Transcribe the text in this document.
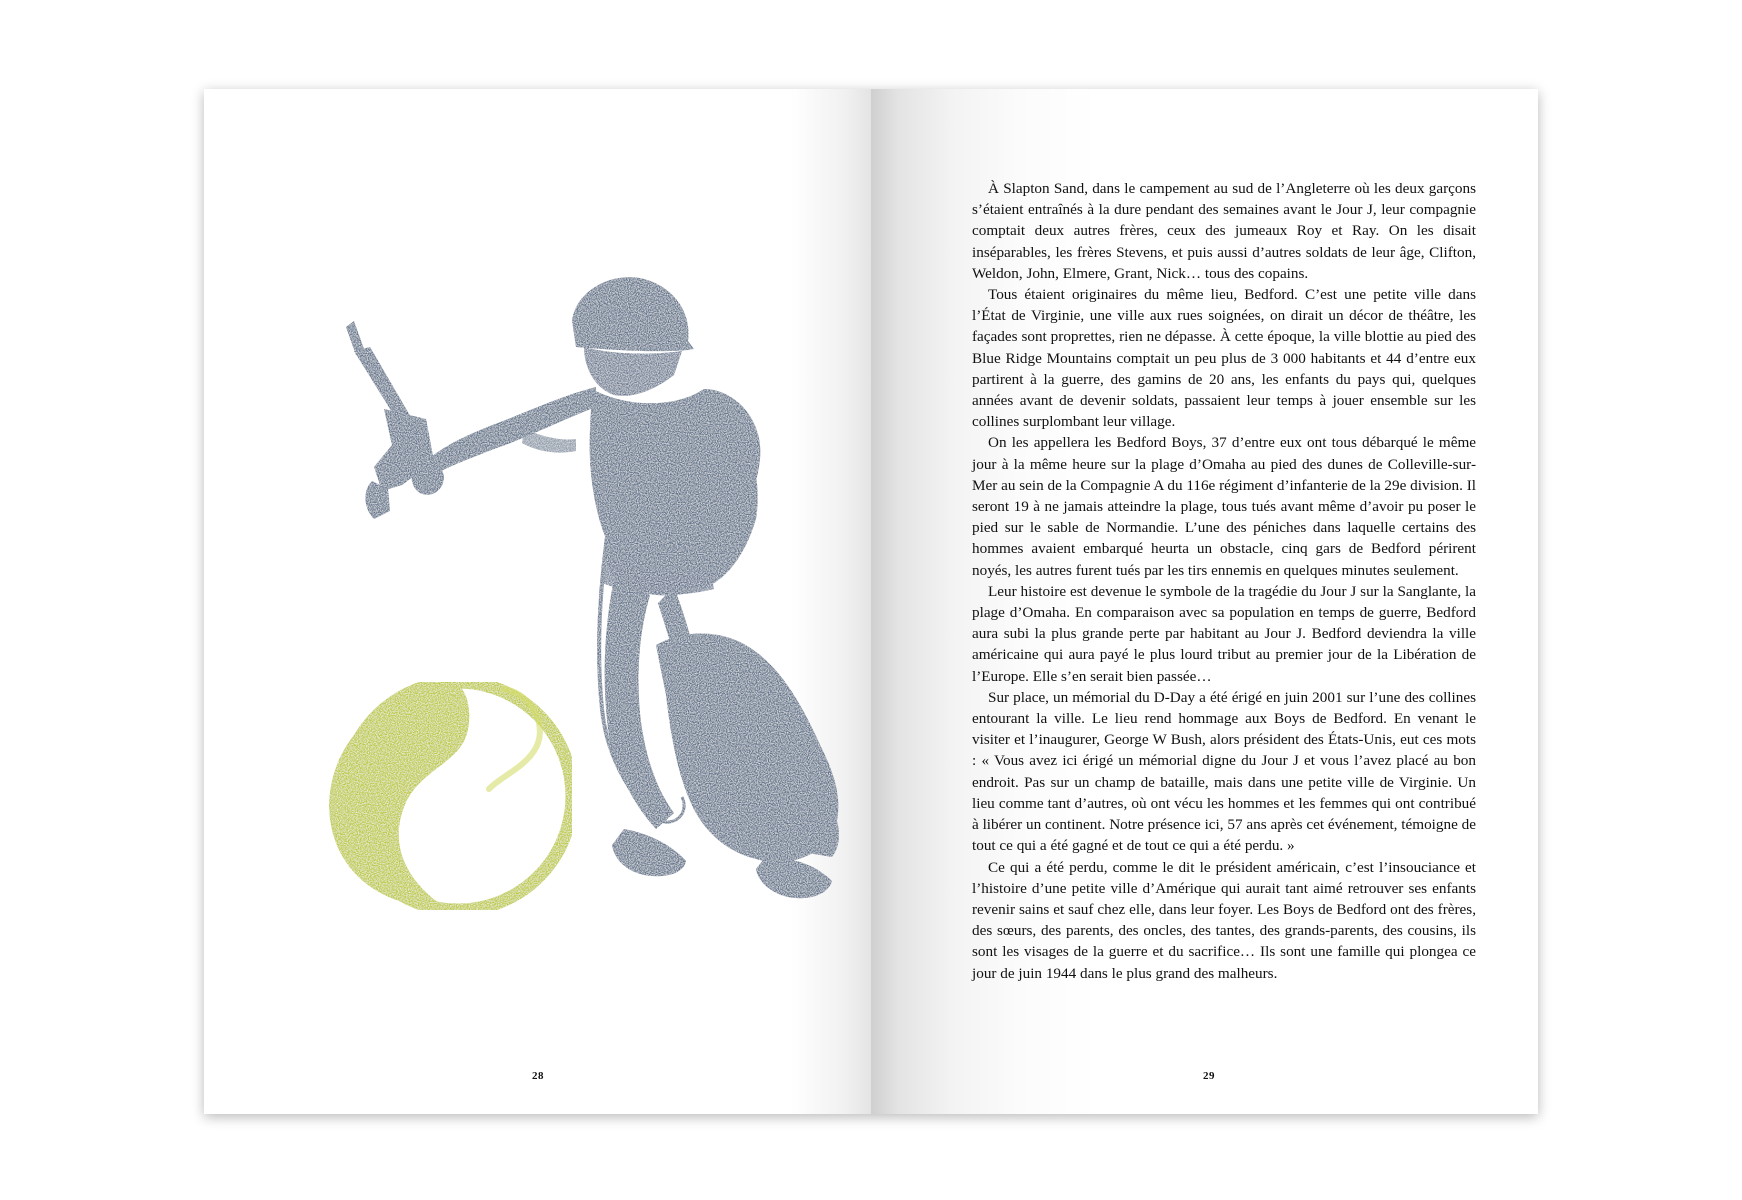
28

À Slapton Sand, dans le campement au sud de l’Angleterre où les deux garçons s’étaient entraînés à la dure pendant des semaines avant le Jour J, leur compagnie comptait deux autres frères, ceux des jumeaux Roy et Ray. On les disait inséparables, les frères Stevens, et puis aussi d’autres soldats de leur âge, Clifton, Weldon, John, Elmere, Grant, Nick… tous des copains.

Tous étaient originaires du même lieu, Bedford. C’est une petite ville dans l’État de Virginie, une ville aux rues soignées, on dirait un décor de théâtre, les façades sont proprettes, rien ne dépasse. À cette époque, la ville blottie au pied des Blue Ridge Mountains comptait un peu plus de 3 000 habitants et 44 d’entre eux partirent à la guerre, des gamins de 20 ans, les enfants du pays qui, quelques années avant de devenir soldats, passaient leur temps à jouer ensemble sur les collines surplombant leur village.

On les appellera les Bedford Boys, 37 d’entre eux ont tous débarqué le même jour à la même heure sur la plage d’Omaha au pied des dunes de Colleville-sur-Mer au sein de la Compagnie A du 116e régiment d’infanterie de la 29e division. Il seront 19 à ne jamais atteindre la plage, tous tués avant même d’avoir pu poser le pied sur le sable de Normandie. L’une des péniches dans laquelle certains des hommes avaient embarqué heurta un obstacle, cinq gars de Bedford périrent noyés, les autres furent tués par les tirs ennemis en quelques minutes seulement.

Leur histoire est devenue le symbole de la tragédie du Jour J sur la Sanglante, la plage d’Omaha. En comparaison avec sa population en temps de guerre, Bedford aura subi la plus grande perte par habitant au Jour J. Bedford deviendra la ville américaine qui aura payé le plus lourd tribut au premier jour de la Libération de l’Europe. Elle s’en serait bien passée…

Sur place, un mémorial du D-Day a été érigé en juin 2001 sur l’une des collines entourant la ville. Le lieu rend hommage aux Boys de Bedford. En venant le visiter et l’inaugurer, George W Bush, alors président des États-Unis, eut ces mots : « Vous avez ici érigé un mémorial digne du Jour J et vous l’avez placé au bon endroit. Pas sur un champ de bataille, mais dans une petite ville de Virginie. Un lieu comme tant d’autres, où ont vécu les hommes et les femmes qui ont contribué à libérer un continent. Notre présence ici, 57 ans après cet événement, témoigne de tout ce qui a été gagné et de tout ce qui a été perdu. »

Ce qui a été perdu, comme le dit le président américain, c’est l’insouciance et l’histoire d’une petite ville d’Amérique qui aurait tant aimé retrouver ses enfants revenir sains et sauf chez elle, dans leur foyer. Les Boys de Bedford ont des frères, des sœurs, des parents, des oncles, des tantes, des grands-parents, des cousins, ils sont les visages de la guerre et du sacrifice… Ils sont une famille qui plongea ce jour de juin 1944 dans le plus grand des malheurs.

29
